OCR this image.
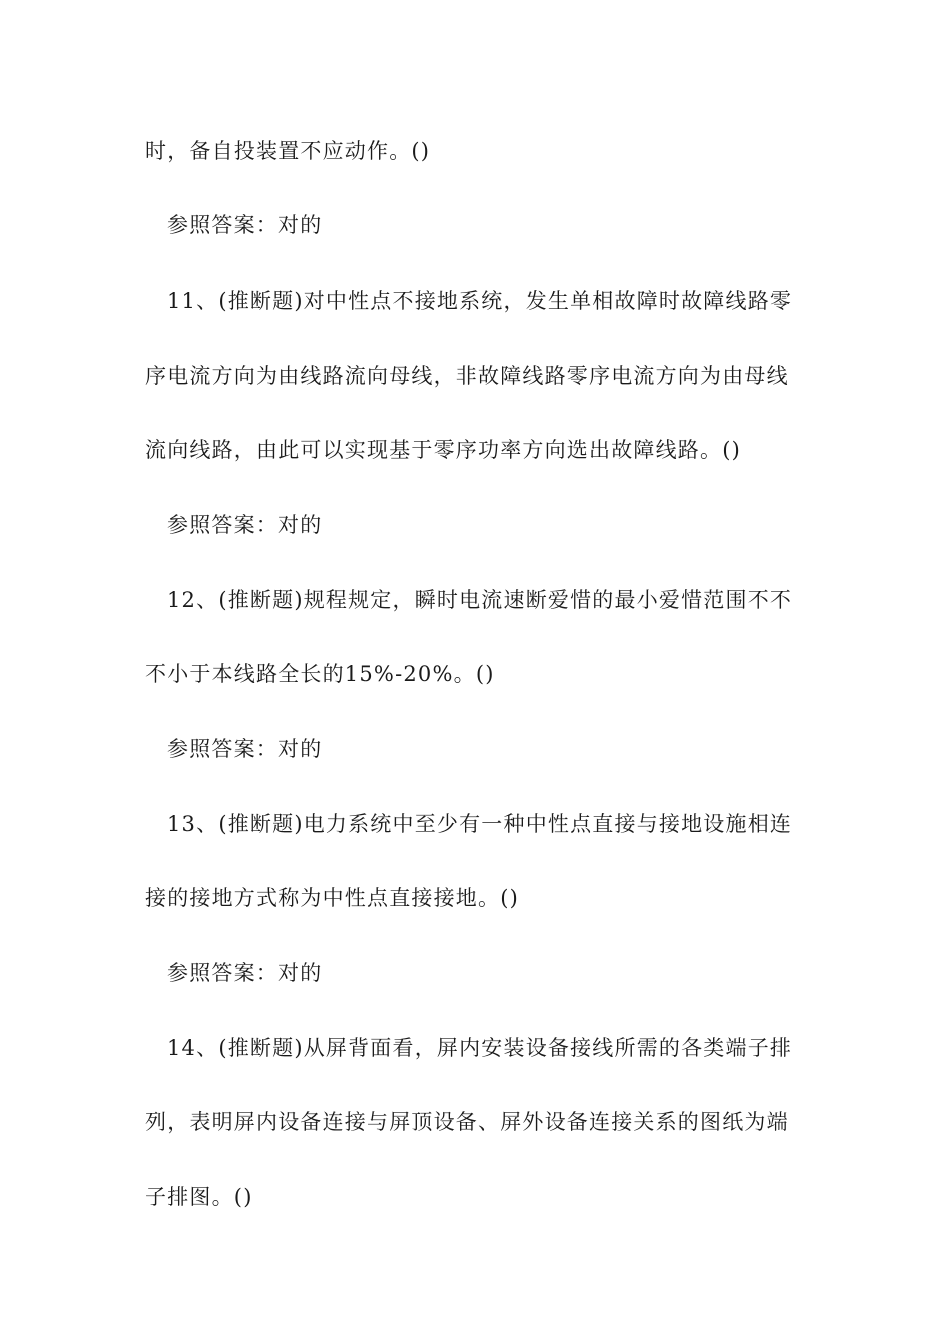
时，备自投装置不应动作。()
参照答案：对的
11、(推断题)对中性点不接地系统，发生单相故障时故障线路零
序电流方向为由线路流向母线，非故障线路零序电流方向为由母线
流向线路，由此可以实现基于零序功率方向选出故障线路。()
参照答案：对的
12、(推断题)规程规定，瞬时电流速断爱惜的最小爱惜范围不不
不小于本线路全长的15%-20%。()
参照答案：对的
13、(推断题)电力系统中至少有一种中性点直接与接地设施相连
接的接地方式称为中性点直接接地。()
参照答案：对的
14、(推断题)从屏背面看，屏内安装设备接线所需的各类端子排
列，表明屏内设备连接与屏顶设备、屏外设备连接关系的图纸为端
子排图。()
